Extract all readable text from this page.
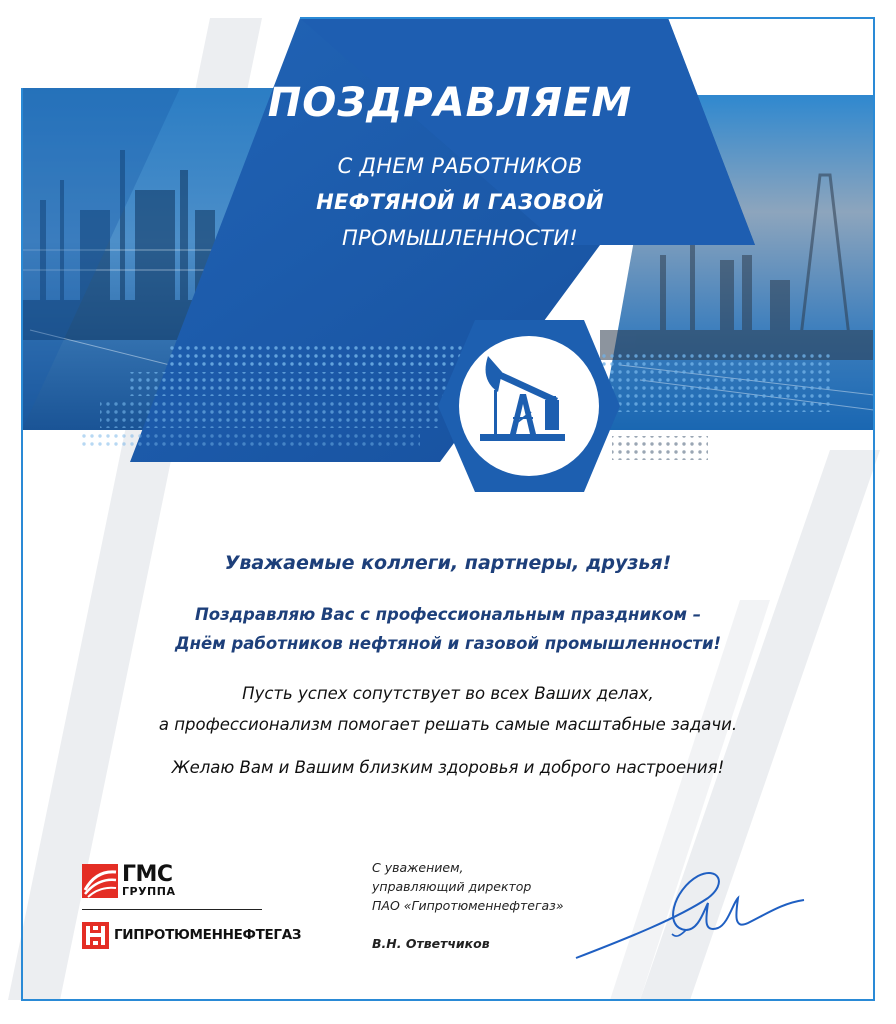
ПОЗДРАВЛЯЕМ
С ДНЕМ РАБОТНИКОВ
НЕФТЯНОЙ И ГАЗОВОЙ
ПРОМЫШЛЕННОСТИ!
Уважаемые коллеги, партнеры, друзья!
Поздравляю Вас с профессиональным праздником –
Днём работников нефтяной и газовой промышленности!
Пусть успех сопутствует во всех Ваших делах,
а профессионализм помогает решать самые масштабные задачи.
Желаю Вам и Вашим близким здоровья и доброго настроения!
ГМС
ГРУППА
ГИПРОТЮМЕННЕФТЕГАЗ
С уважением,
управляющий директор
ПАО «Гипротюменнефтегаз»
В.Н. Ответчиков
